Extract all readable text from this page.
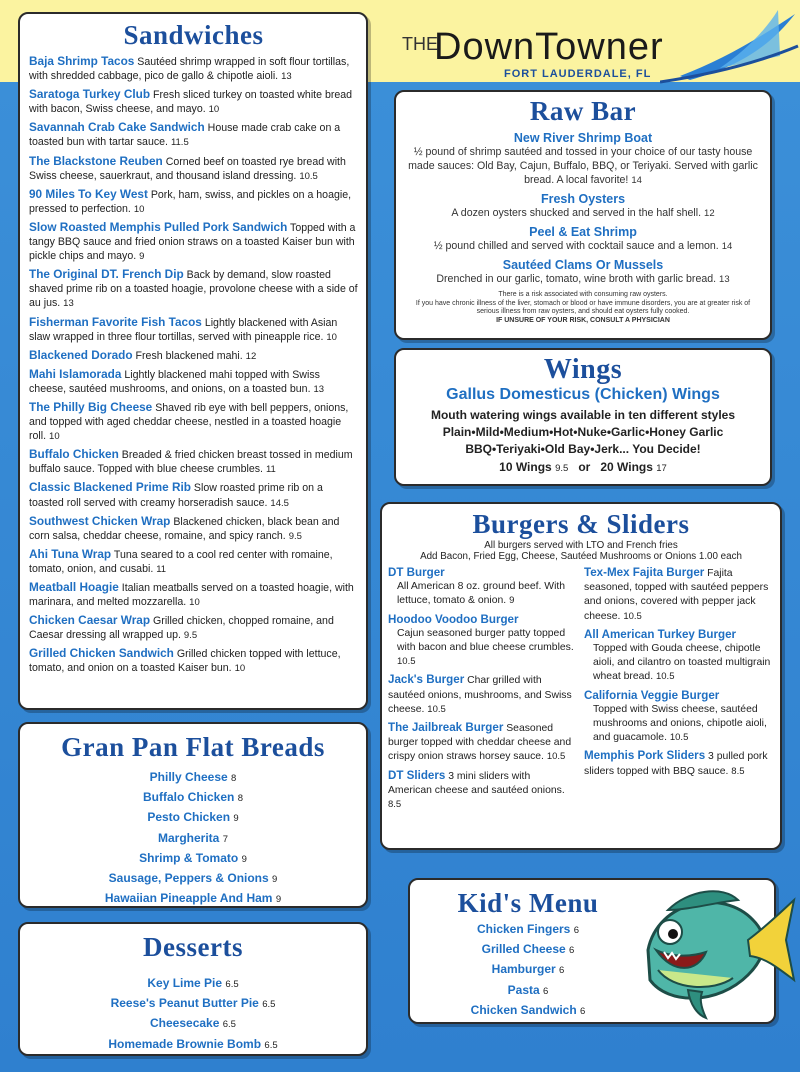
THE
DownTowner
FORT LAUDERDALE, FL
Sandwiches
Baja Shrimp Tacos Sautéed shrimp wrapped in soft flour tortillas, with shredded cabbage, pico de gallo & chipotle aioli. 13
Saratoga Turkey Club Fresh sliced turkey on toasted white bread with bacon, Swiss cheese, and mayo. 10
Savannah Crab Cake Sandwich House made crab cake on a toasted bun with tartar sauce. 11.5
The Blackstone Reuben Corned beef on toasted rye bread with Swiss cheese, sauerkraut, and thousand island dressing. 10.5
90 Miles To Key West Pork, ham, swiss, and pickles on a hoagie, pressed to perfection. 10
Slow Roasted Memphis Pulled Pork Sandwich Topped with a tangy BBQ sauce and fried onion straws on a toasted Kaiser bun with pickle chips and mayo. 9
The Original DT. French Dip Back by demand, slow roasted shaved prime rib on a toasted hoagie, provolone cheese with a side of au jus. 13
Fisherman Favorite Fish Tacos Lightly blackened with Asian slaw wrapped in three flour tortillas, served with pineapple rice. 10
Blackened Dorado Fresh blackened mahi. 12
Mahi Islamorada Lightly blackened mahi topped with Swiss cheese, sautéed mushrooms, and onions, on a toasted bun. 13
The Philly Big Cheese Shaved rib eye with bell peppers, onions, and topped with aged cheddar cheese, nestled in a toasted hoagie roll. 10
Buffalo Chicken Breaded & fried chicken breast tossed in medium buffalo sauce. Topped with blue cheese crumbles. 11
Classic Blackened Prime Rib Slow roasted prime rib on a toasted roll served with creamy horseradish sauce. 14.5
Southwest Chicken Wrap Blackened chicken, black bean and corn salsa, cheddar cheese, romaine, and spicy ranch. 9.5
Ahi Tuna Wrap Tuna seared to a cool red center with romaine, tomato, onion, and cusabi. 11
Meatball Hoagie Italian meatballs served on a toasted hoagie, with marinara, and melted mozzarella. 10
Chicken Caesar Wrap Grilled chicken, chopped romaine, and Caesar dressing all wrapped up. 9.5
Grilled Chicken Sandwich Grilled chicken topped with lettuce, tomato, and onion on a toasted Kaiser bun. 10
Raw Bar
New River Shrimp Boat
½ pound of shrimp sautéed and tossed in your choice of our tasty house made sauces: Old Bay, Cajun, Buffalo, BBQ, or Teriyaki. Served with garlic bread. A local favorite! 14
Fresh Oysters
A dozen oysters shucked and served in the half shell. 12
Peel & Eat Shrimp
½ pound chilled and served with cocktail sauce and a lemon. 14
Sautéed Clams Or Mussels
Drenched in our garlic, tomato, wine broth with garlic bread. 13
There is a risk associated with consuming raw oysters.
If you have chronic illness of the liver, stomach or blood or have immune disorders, you are at greater risk of serious illness from raw oysters, and should eat oysters fully cooked.
IF UNSURE OF YOUR RISK, CONSULT A PHYSICIAN
Wings
Gallus Domesticus (Chicken) Wings
Mouth watering wings available in ten different styles
Plain•Mild•Medium•Hot•Nuke•Garlic•Honey Garlic
BBQ•Teriyaki•Old Bay•Jerk... You Decide!
10 Wings 9.5 or 20 Wings 17
Burgers & Sliders
All burgers served with LTO and French fries
Add Bacon, Fried Egg, Cheese, Sautéed Mushrooms or Onions 1.00 each
DT Burger
All American 8 oz. ground beef. With lettuce, tomato & onion. 9
Hoodoo Voodoo Burger
Cajun seasoned burger patty topped with bacon and blue cheese crumbles. 10.5
Jack's Burger Char grilled with sautéed onions, mushrooms, and Swiss cheese. 10.5
The Jailbreak Burger Seasoned burger topped with cheddar cheese and crispy onion straws horsey sauce. 10.5
DT Sliders 3 mini sliders with American cheese and sautéed onions. 8.5
Tex-Mex Fajita Burger Fajita seasoned, topped with sautéed peppers and onions, covered with pepper jack cheese. 10.5
All American Turkey Burger
Topped with Gouda cheese, chipotle aioli, and cilantro on toasted multigrain wheat bread. 10.5
California Veggie Burger
Topped with Swiss cheese, sautéed mushrooms and onions, chipotle aioli, and guacamole. 10.5
Memphis Pork Sliders 3 pulled pork sliders topped with BBQ sauce. 8.5
Gran Pan Flat Breads
Philly Cheese 8
Buffalo Chicken 8
Pesto Chicken 9
Margherita 7
Shrimp & Tomato 9
Sausage, Peppers & Onions 9
Hawaiian Pineapple And Ham 9
Desserts
Key Lime Pie 6.5
Reese's Peanut Butter Pie 6.5
Cheesecake 6.5
Homemade Brownie Bomb 6.5
Kid's Menu
Chicken Fingers 6
Grilled Cheese 6
Hamburger 6
Pasta 6
Chicken Sandwich 6
